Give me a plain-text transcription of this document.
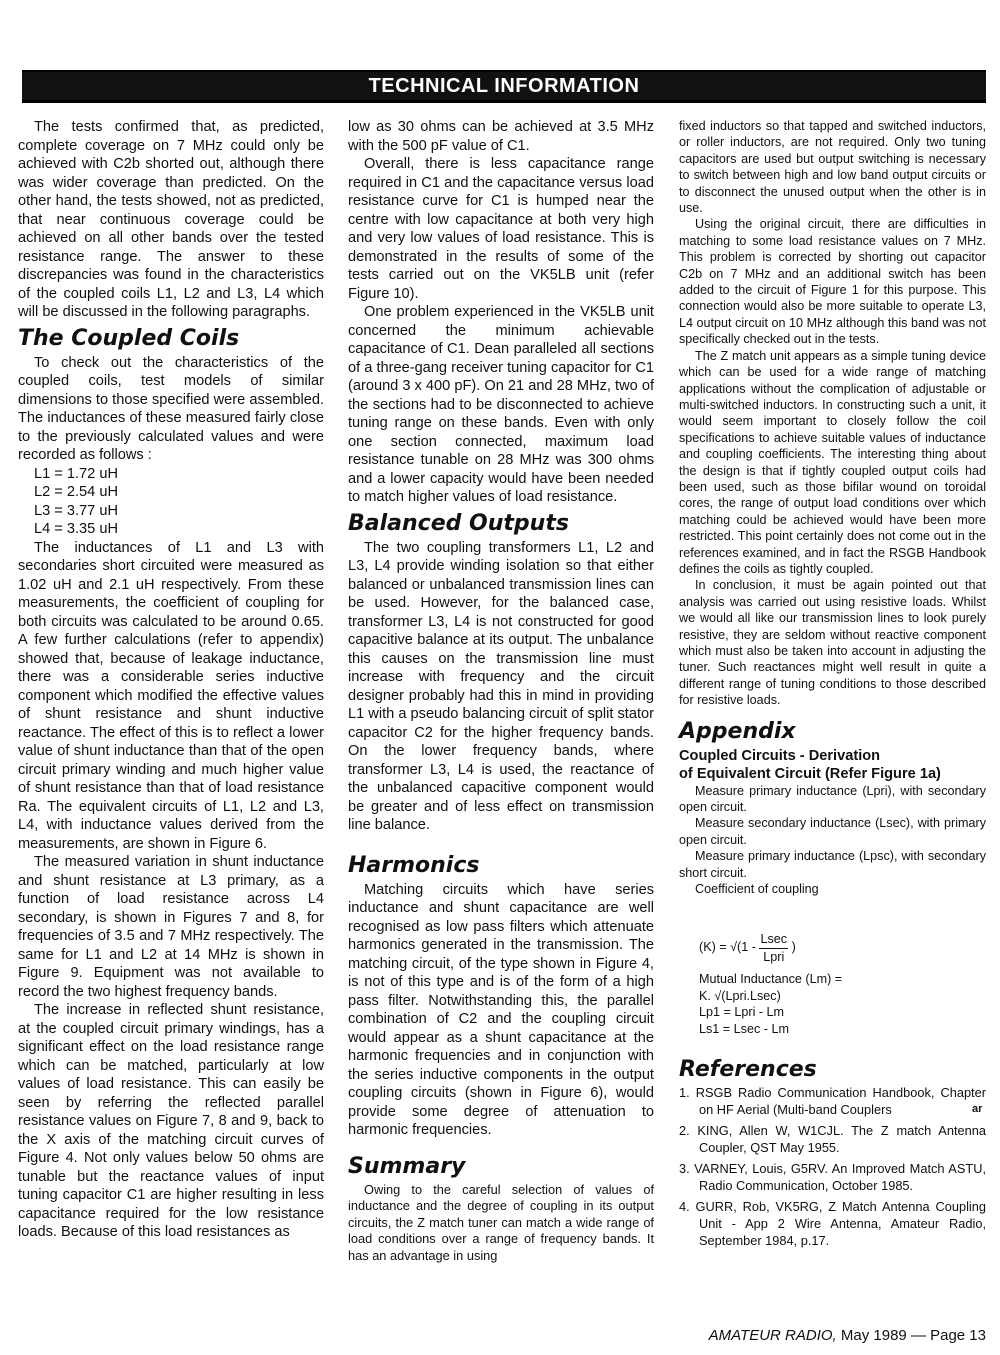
TECHNICAL INFORMATION

The tests confirmed that, as predicted, complete coverage on 7 MHz could only be achieved with C2b shorted out, although there was wider coverage than predicted. On the other hand, the tests showed, not as predicted, that near continuous coverage could be achieved on all other bands over the tested resistance range. The answer to these discrepancies was found in the characteristics of the coupled coils L1, L2 and L3, L4 which will be discussed in the following paragraphs.

The Coupled Coils

To check out the characteristics of the coupled coils, test models of similar dimensions to those specified were assembled. The inductances of these measured fairly close to the previously calculated values and were recorded as follows :

L1 = 1.72 uH
L2 = 2.54 uH
L3 = 3.77 uH
L4 = 3.35 uH

The inductances of L1 and L3 with secondaries short circuited were measured as 1.02 uH and 2.1 uH respectively. From these measurements, the coefficient of coupling for both circuits was calculated to be around 0.65. A few further calculations (refer to appendix) showed that, because of leakage inductance, there was a considerable series inductive component which modified the effective values of shunt resistance and shunt inductive reactance. The effect of this is to reflect a lower value of shunt inductance than that of the open circuit primary winding and much higher value of shunt resistance than that of load resistance Ra. The equivalent circuits of L1, L2 and L3, L4, with inductance values derived from the measurements, are shown in Figure 6.

The measured variation in shunt inductance and shunt resistance at L3 primary, as a function of load resistance across L4 secondary, is shown in Figures 7 and 8, for frequencies of 3.5 and 7 MHz respectively. The same for L1 and L2 at 14 MHz is shown in Figure 9. Equipment was not available to record the two highest frequency bands.

The increase in reflected shunt resistance, at the coupled circuit primary windings, has a significant effect on the load resistance range which can be matched, particularly at low values of load resistance. This can easily be seen by referring the reflected parallel resistance values on Figure 7, 8 and 9, back to the X axis of the matching circuit curves of Figure 4. Not only values below 50 ohms are tunable but the reactance values of input tuning capacitor C1 are higher resulting in less capacitance required for the low resistance loads. Because of this load resistances as

low as 30 ohms can be achieved at 3.5 MHz with the 500 pF value of C1.

Overall, there is less capacitance range required in C1 and the capacitance versus load resistance curve for C1 is humped near the centre with low capacitance at both very high and very low values of load resistance. This is demonstrated in the results of some of the tests carried out on the VK5LB unit (refer Figure 10).

One problem experienced in the VK5LB unit concerned the minimum achievable capacitance of C1. Dean paralleled all sections of a three-gang receiver tuning capacitor for C1 (around 3 x 400 pF). On 21 and 28 MHz, two of the sections had to be disconnected to achieve tuning range on these bands. Even with only one section connected, maximum load resistance tunable on 28 MHz was 300 ohms and a lower capacity would have been needed to match higher values of load resistance.

Balanced Outputs

The two coupling transformers L1, L2 and L3, L4 provide winding isolation so that either balanced or unbalanced transmission lines can be used. However, for the balanced case, transformer L3, L4 is not constructed for good capacitive balance at its output. The unbalance this causes on the transmission line must increase with frequency and the circuit designer probably had this in mind in providing L1 with a pseudo balancing circuit of split stator capacitor C2 for the higher frequency bands. On the lower frequency bands, where transformer L3, L4 is used, the reactance of the unbalanced capacitive component would be greater and of less effect on transmission line balance.

Harmonics

Matching circuits which have series inductance and shunt capacitance are well recognised as low pass filters which attenuate harmonics generated in the transmission. The matching circuit, of the type shown in Figure 4, is not of this type and is of the form of a high pass filter. Notwithstanding this, the parallel combination of C2 and the coupling circuit would appear as a shunt capacitance at the harmonic frequencies and in conjunction with the series inductive components in the output coupling circuits (shown in Figure 6), would provide some degree of attenuation to harmonic frequencies.

Summary

Owing to the careful selection of values of inductance and the degree of coupling in its output circuits, the Z match tuner can match a wide range of load conditions over a range of frequency bands. It has an advantage in using

fixed inductors so that tapped and switched inductors, or roller inductors, are not required. Only two tuning capacitors are used but output switching is necessary to switch between high and low band output circuits or to disconnect the unused output when the other is in use.

Using the original circuit, there are difficulties in matching to some load resistance values on 7 MHz. This problem is corrected by shorting out capacitor C2b on 7 MHz and an additional switch has been added to the circuit of Figure 1 for this purpose. This connection would also be more suitable to operate L3, L4 output circuit on 10 MHz although this band was not specifically checked out in the tests.

The Z match unit appears as a simple tuning device which can be used for a wide range of matching applications without the complication of adjustable or multi-switched inductors. In constructing such a unit, it would seem important to closely follow the coil specifications to achieve suitable values of inductance and coupling coefficients. The interesting thing about the design is that if tightly coupled output coils had been used, such as those bifilar wound on toroidal cores, the range of output load conditions over which matching could be achieved would have been more restricted. This point certainly does not come out in the references examined, and in fact the RSGB Handbook defines the coils as tightly coupled.

In conclusion, it must be again pointed out that analysis was carried out using resistive loads. Whilst we would all like our transmission lines to look purely resistive, they are seldom without reactive component which must also be taken into account in adjusting the tuner. Such reactances might well result in quite a different range of tuning conditions to those described for resistive loads.

Appendix
Coupled Circuits - Derivation
of Equivalent Circuit (Refer Figure 1a)

Measure primary inductance (Lpri), with secondary open circuit.

Measure secondary inductance (Lsec), with primary open circuit.

Measure primary inductance (Lpsc), with secondary short circuit.

Coefficient of coupling

$(K) = √(1 - \frac{Lsec}{\text{Lpri}}$ )
Mutual Inductance (Lm) =
K. √(Lpri.Lsec)
Lp1 = Lpri - Lm
Ls1 = Lsec - Lm
References
1. RSGB Radio Communication Handbook, Chapter on HF Aerial (Multi-band Couplers
2. KING, Allen W, W1CJL. The Z match Antenna Coupler, QST May 1955.
3. VARNEY, Louis, G5RV. An Improved Match ASTU, Radio Communication, October 1985.
4. GURR, Rob, VK5RG, Z Match Antenna Coupling Unit - App 2 Wire Antenna, Amateur Radio, September 1984, p.17.
ar
AMATEUR RADIO, May 1989 — Page 13
